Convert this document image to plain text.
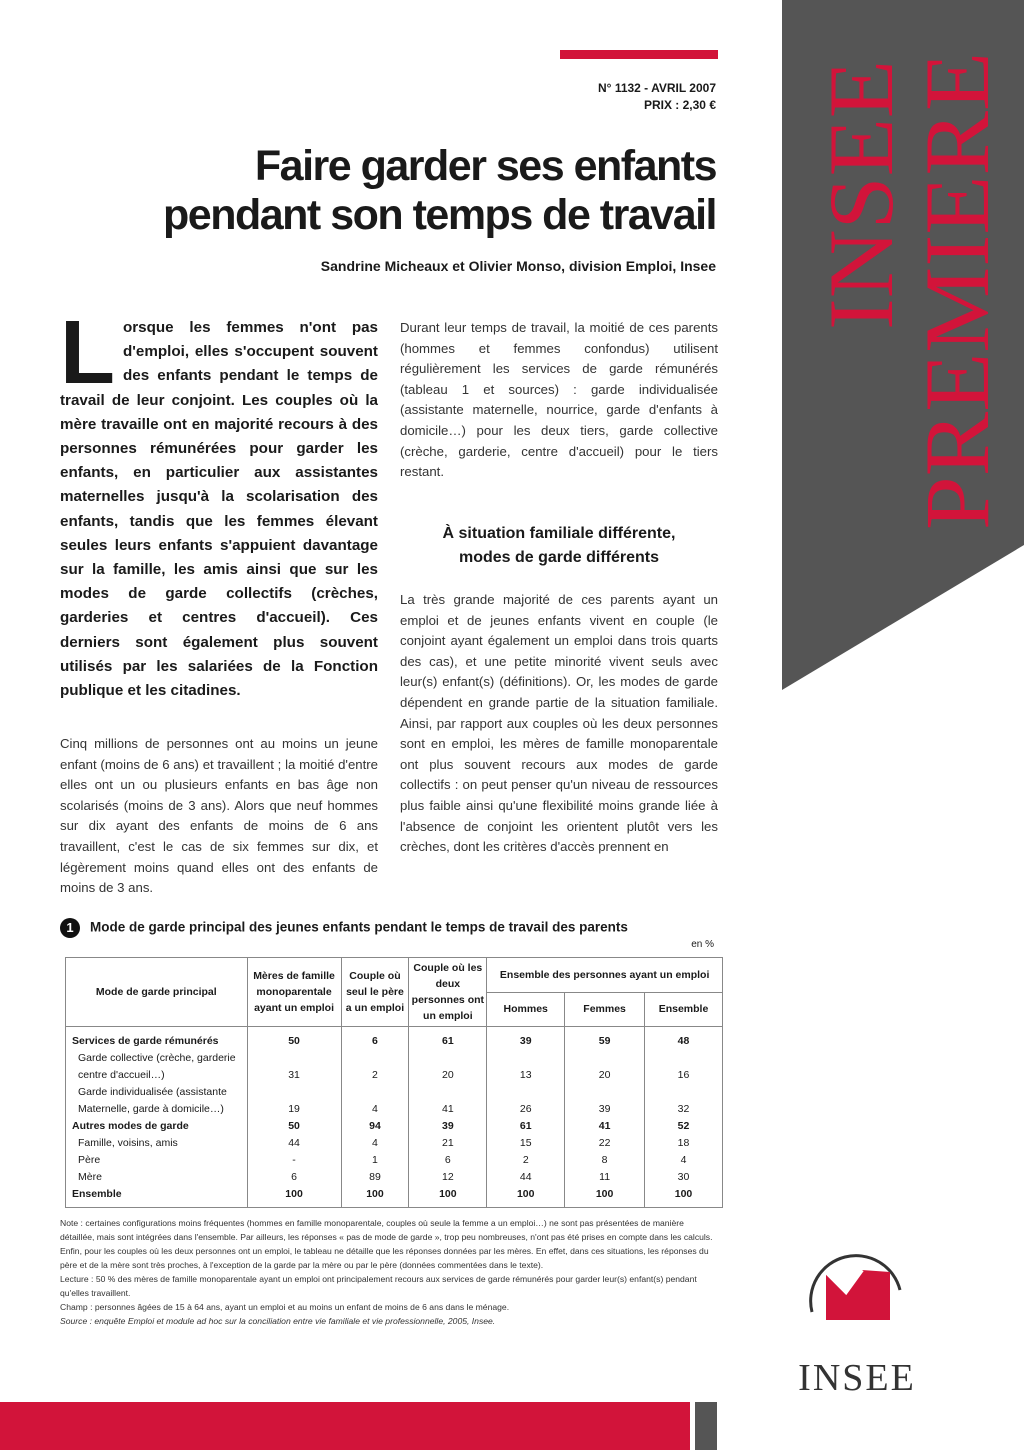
INSEE
PREMIERE
N° 1132 - AVRIL 2007
PRIX : 2,30 €
Faire garder ses enfants
pendant son temps de travail
Sandrine Micheaux et Olivier Monso, division Emploi, Insee
Lorsque les femmes n'ont pas d'emploi, elles s'occupent souvent des enfants pendant le temps de travail de leur conjoint. Les couples où la mère travaille ont en majorité recours à des personnes rémunérées pour garder les enfants, en particulier aux assistantes maternelles jusqu'à la scolarisation des enfants, tandis que les femmes élevant seules leurs enfants s'appuient davantage sur la famille, les amis ainsi que sur les modes de garde collectifs (crèches, garderies et centres d'accueil). Ces derniers sont également plus souvent utilisés par les salariées de la Fonction publique et les citadines.
Cinq millions de personnes ont au moins un jeune enfant (moins de 6 ans) et travaillent ; la moitié d'entre elles ont un ou plusieurs enfants en bas âge non scolarisés (moins de 3 ans). Alors que neuf hommes sur dix ayant des enfants de moins de 6 ans travaillent, c'est le cas de six femmes sur dix, et légèrement moins quand elles ont des enfants de moins de 3 ans.
Durant leur temps de travail, la moitié de ces parents (hommes et femmes confondus) utilisent régulièrement les services de garde rémunérés (tableau 1 et sources) : garde individualisée (assistante maternelle, nourrice, garde d'enfants à domicile…) pour les deux tiers, garde collective (crèche, garderie, centre d'accueil) pour le tiers restant.
À situation familiale différente,
modes de garde différents
La très grande majorité de ces parents ayant un emploi et de jeunes enfants vivent en couple (le conjoint ayant également un emploi dans trois quarts des cas), et une petite minorité vivent seuls avec leur(s) enfant(s) (définitions). Or, les modes de garde dépendent en grande partie de la situation familiale. Ainsi, par rapport aux couples où les deux personnes sont en emploi, les mères de famille monoparentale ont plus souvent recours aux modes de garde collectifs : on peut penser qu'un niveau de ressources plus faible ainsi qu'une flexibilité moins grande liée à l'absence de conjoint les orientent plutôt vers les crèches, dont les critères d'accès prennent en
1 Mode de garde principal des jeunes enfants pendant le temps de travail des parents
en %
Mode de garde principal	Mères de famille monoparentale ayant un emploi	Couple où seul le père a un emploi	Couple où les deux personnes ont un emploi	Ensemble des personnes ayant un emploi		
				Hommes	Femmes	Ensemble
Services de garde rémunérés	50	6	61	39	59	48
Garde collective (crèche, garderie centre d'accueil…)	31	2	20	13	20	16
Garde individualisée (assistante Maternelle, garde à domicile…)	19	4	41	26	39	32
Autres modes de garde	50	94	39	61	41	52
Famille, voisins, amis	44	4	21	15	22	18
Père	-	1	6	2	8	4
Mère	6	89	12	44	11	30
Ensemble	100	100	100	100	100	100

Note : certaines configurations moins fréquentes (hommes en famille monoparentale, couples où seule la femme a un emploi…) ne sont pas présentées de manière détaillée, mais sont intégrées dans l'ensemble. Par ailleurs, les réponses « pas de mode de garde », trop peu nombreuses, n'ont pas été prises en compte dans les calculs. Enfin, pour les couples où les deux personnes ont un emploi, le tableau ne détaille que les réponses données par les mères. En effet, dans ces situations, les réponses du père et de la mère sont très proches, à l'exception de la garde par la mère ou par le père (données commentées dans le texte).

Lecture : 50 % des mères de famille monoparentale ayant un emploi ont principalement recours aux services de garde rémunérés pour garder leur(s) enfant(s) pendant qu'elles travaillent.

Champ : personnes âgées de 15 à 64 ans, ayant un emploi et au moins un enfant de moins de 6 ans dans le ménage.

Source : enquête Emploi et module ad hoc sur la conciliation entre vie familiale et vie professionnelle, 2005, Insee.

INSEE
